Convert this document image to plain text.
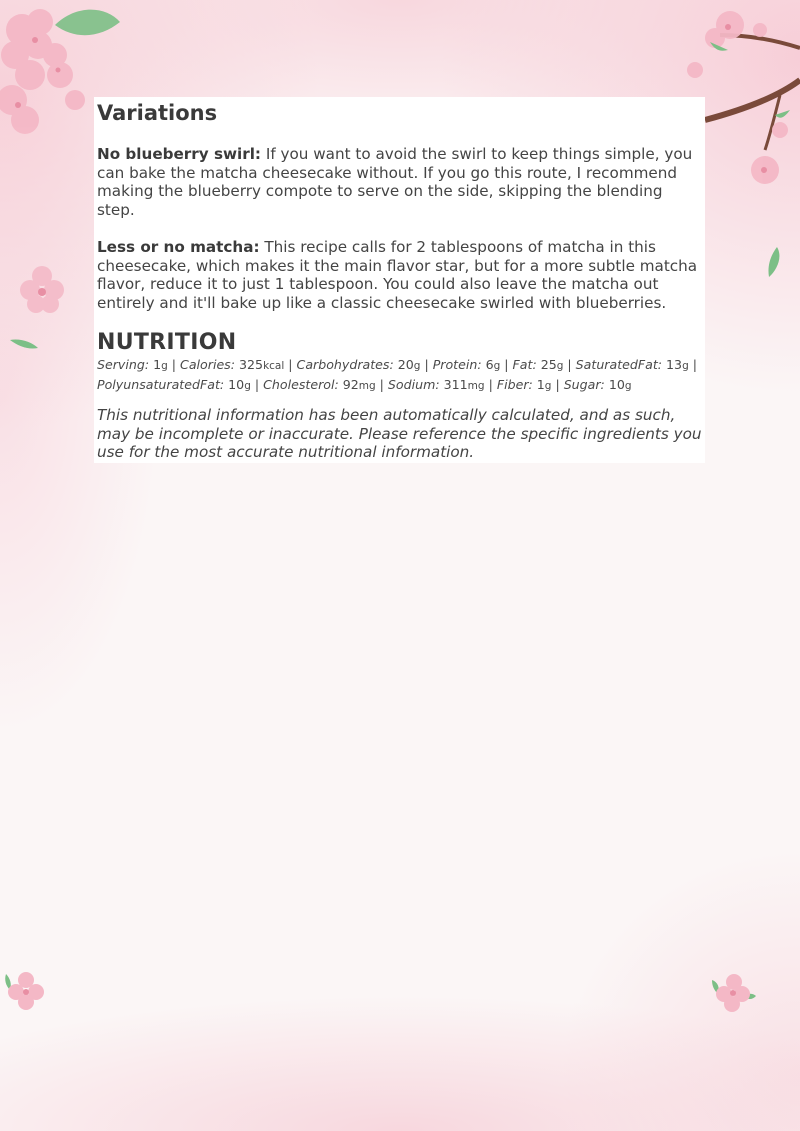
Variations
No blueberry swirl: If you want to avoid the swirl to keep things simple, you can bake the matcha cheesecake without. If you go this route, I recommend making the blueberry compote to serve on the side, skipping the blending step.
Less or no matcha: This recipe calls for 2 tablespoons of matcha in this cheesecake, which makes it the main flavor star, but for a more subtle matcha flavor, reduce it to just 1 tablespoon. You could also leave the matcha out entirely and it'll bake up like a classic cheesecake swirled with blueberries.
NUTRITION
Serving: 1g | Calories: 325kcal | Carbohydrates: 20g | Protein: 6g | Fat: 25g | SaturatedFat: 13g | PolyunsaturatedFat: 10g | Cholesterol: 92mg | Sodium: 311mg | Fiber: 1g | Sugar: 10g
This nutritional information has been automatically calculated, and as such, may be incomplete or inaccurate. Please reference the specific ingredients you use for the most accurate nutritional information.
